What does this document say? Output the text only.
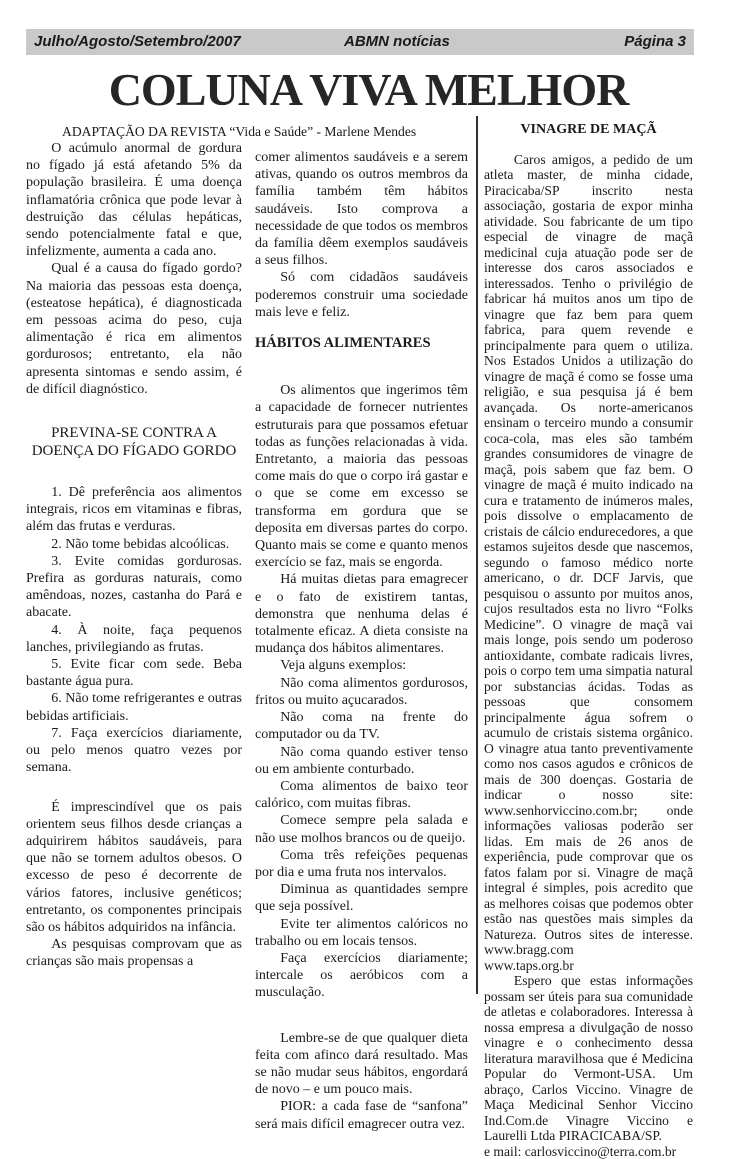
Julho/Agosto/Setembro/2007	ABMN notícias	Página 3
COLUNA VIVA MELHOR
ADAPTAÇÃO DA REVISTA “Vida e Saúde” - Marlene Mendes

O acúmulo anormal de gordura no fígado já está afetando 5% da população brasileira. É uma doença inflamatória crônica que pode levar à destruição das células hepáticas, sendo potencialmente fatal e que, infelizmente, aumenta a cada ano.

Qual é a causa do fígado gordo? Na maioria das pessoas esta doença, (esteatose hepática), é diagnosticada em pessoas acima do peso, cuja alimentação é rica em alimentos gordurosos; entretanto, ela não apresenta sintomas e sendo assim, é de difícil diagnóstico.

PREVINA-SE CONTRA A DOENÇA DO FÍGADO GORDO

1. Dê preferência aos alimentos integrais, ricos em vitaminas e fibras, além das frutas e verduras.

2. Não tome bebidas alcoólicas.

3. Evite comidas gordurosas. Prefira as gorduras naturais, como amêndoas, nozes, castanha do Pará e abacate.

4. À noite, faça pequenos lanches, privilegiando as frutas.

5. Evite ficar com sede. Beba bastante água pura.

6. Não tome refrigerantes e outras bebidas artificiais.

7. Faça exercícios diariamente, ou pelo menos quatro vezes por semana.

É imprescindível que os pais orientem seus filhos desde crianças a adquirirem hábitos saudáveis, para que não se tornem adultos obesos. O excesso de peso é decorrente de vários fatores, inclusive genéticos; entretanto, os componentes principais são os hábitos adquiridos na infância.

As pesquisas comprovam que as crianças são mais propensas a

comer alimentos saudáveis e a serem ativas, quando os outros membros da família também têm hábitos saudáveis. Isto comprova a necessidade de que todos os membros da família dêem exemplos saudáveis a seus filhos.

Só com cidadãos saudáveis poderemos construir uma sociedade mais leve e feliz.

HÁBITOS ALIMENTARES

Os alimentos que ingerimos têm a capacidade de fornecer nutrientes estruturais para que possamos efetuar todas as funções relacionadas à vida. Entretanto, a maioria das pessoas come mais do que o corpo irá gastar e o que se come em excesso se transforma em gordura que se deposita em diversas partes do corpo. Quanto mais se come e quanto menos exercício se faz, mais se engorda.

Há muitas dietas para emagrecer e o fato de existirem tantas, demonstra que nenhuma delas é totalmente eficaz. A dieta consiste na mudança dos hábitos alimentares.

Veja alguns exemplos:

Não coma alimentos gordurosos, fritos ou muito açucarados.

Não coma na frente do computador ou da TV.

Não coma quando estiver tenso ou em ambiente conturbado.

Coma alimentos de baixo teor calórico, com muitas fibras.

Comece sempre pela salada e não use molhos brancos ou de queijo.

Coma três refeições pequenas por dia e uma fruta nos intervalos.

Diminua as quantidades sempre que seja possível.

Evite ter alimentos calóricos no trabalho ou em locais tensos.

Faça exercícios diariamente; intercale os aeróbicos com a musculação.

Lembre-se de que qualquer dieta feita com afinco dará resultado. Mas se não mudar seus hábitos, engordará de novo – e um pouco mais.

PIOR: a cada fase de “sanfona” será mais difícil emagrecer outra vez.

VINAGRE DE MAÇÃ

Caros amigos, a pedido de um atleta master, de minha cidade, Piracicaba/SP inscrito nesta associação, gostaria de expor minha atividade. Sou fabricante de um tipo especial de vinagre de maçã medicinal cuja atuação pode ser de interesse dos caros associados e interessados. Tenho o privilégio de fabricar há muitos anos um tipo de vinagre que faz bem para quem fabrica, para quem revende e principalmente para quem o utiliza. Nos Estados Unidos a utilização do vinagre de maçã é como se fosse uma religião, e sua pesquisa já é bem avançada. Os norte-americanos ensinam o terceiro mundo a consumir coca-cola, mas eles são também grandes consumidores de vinagre de maçã, pois sabem que faz bem. O vinagre de maçã é muito indicado na cura e tratamento de inúmeros males, pois dissolve o emplacamento de cristais de cálcio endurecedores, a que estamos sujeitos desde que nascemos, segundo o famoso médico norte americano, o dr. DCF Jarvis, que pesquisou o assunto por muitos anos, cujos resultados esta no livro “Folks Medicine”. O vinagre de maçã vai mais longe, pois sendo um poderoso antioxidante, combate radicais livres, pois o corpo tem uma simpatia natural por substancias ácidas. Todas as pessoas que consomem principalmente água sofrem o acumulo de cristais sistema orgânico. O vinagre atua tanto preventivamente como nos casos agudos e crônicos de mais de 300 doenças. Gostaria de indicar o nosso site: www.senhorviccino.com.br; onde informações valiosas poderão ser lidas. Em mais de 26 anos de experiência, pude comprovar que os fatos falam por si. Vinagre de maçã integral é simples, pois acredito que as melhores coisas que podemos obter estão nas questões mais simples da Natureza. Outros sites de interesse. www.bragg.com

www.taps.org.br

Espero que estas informações possam ser úteis para sua comunidade de atletas e colaboradores. Interessa à nossa empresa a divulgação de nosso vinagre e o conhecimento dessa literatura maravilhosa que é Medicina Popular do Vermont-USA. Um abraço, Carlos Viccino. Vinagre de Maça Medicinal Senhor Viccino Ind.Com.de Vinagre Viccino e Laurelli Ltda PIRACICABA/SP.

e mail: carlosviccino@terra.com.br
